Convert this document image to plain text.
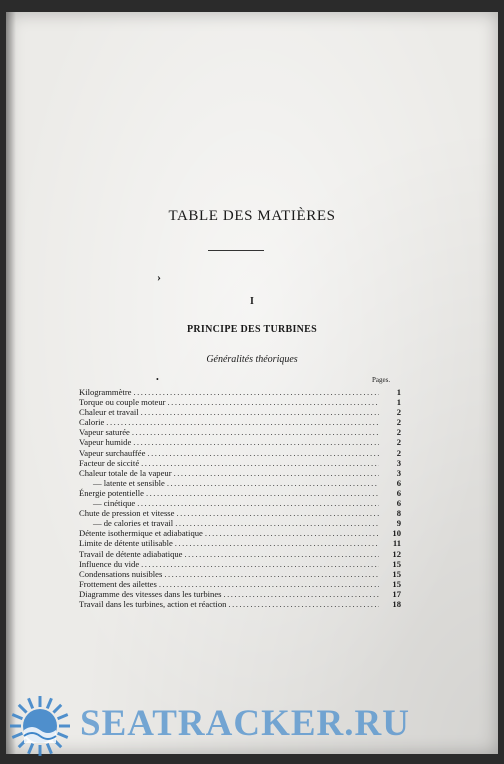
TABLE DES MATIÈRES
›
I
PRINCIPE DES TURBINES
Généralités théoriques
•	Pages.
Kilogrammètre .....	1
Torque ou couple moteur .....	1
Chaleur et travail .....	2
Calorie .....	2
Vapeur saturée .....	2
Vapeur humide .....	2
Vapeur surchauffée .....	2
Facteur de siccité .....	3
Chaleur totale de la vapeur .....	3
— latente et sensible .....	6
Énergie potentielle .....	6
— cinétique .....	6
Chute de pression et vitesse .....	8
— de calories et travail .....	9
Détente isothermique et adiabatique .....	10
Limite de détente utilisable .....	11
Travail de détente adiabatique .....	12
Influence du vide .....	15
Condensations nuisibles .....	15
Frottement des ailettes .....	15
Diagramme des vitesses dans les turbines .....	17
Travail dans les turbines, action et réaction .....	18
SEATRACKER.RU
